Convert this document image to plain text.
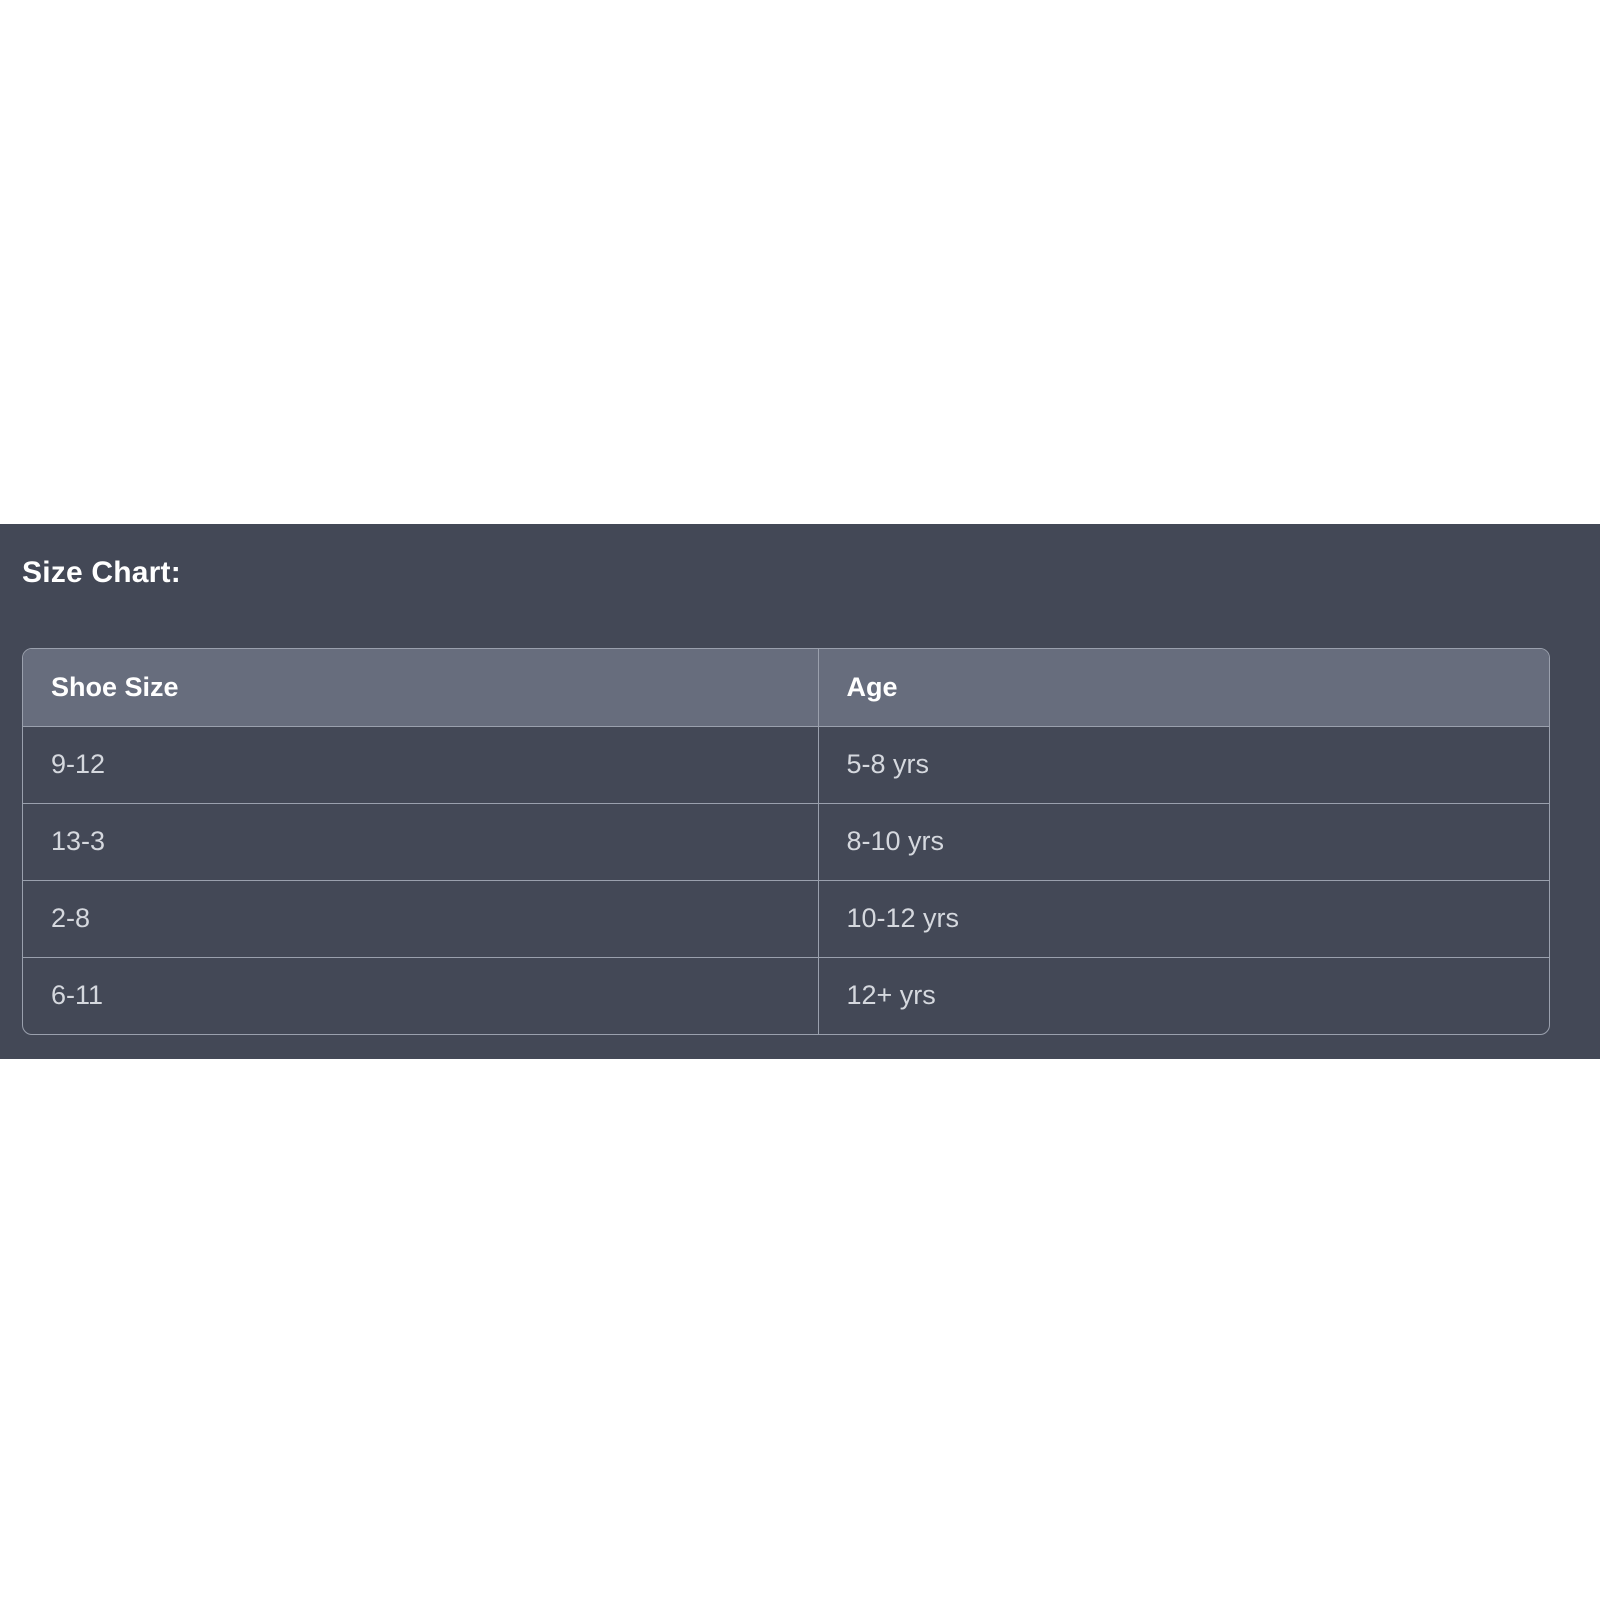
Size Chart:
Shoe Size	Age
9-12	5-8 yrs
13-3	8-10 yrs
2-8	10-12 yrs
6-11	12+ yrs
